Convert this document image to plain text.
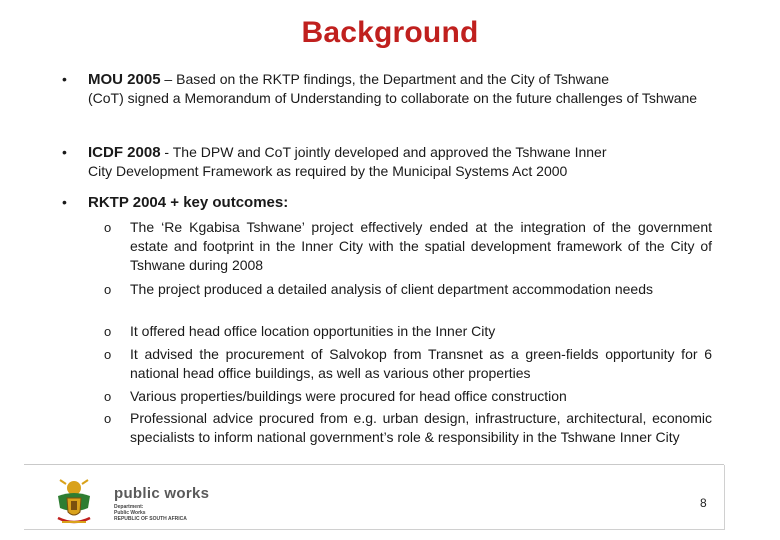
Background
• MOU 2005 – Based on the RKTP findings, the Department and the City of Tshwane
(CoT) signed a Memorandum of Understanding to collaborate on the future challenges of Tshwane
• ICDF 2008 - The DPW and CoT jointly developed and approved the Tshwane Inner
City Development Framework as required by the Municipal Systems Act 2000
• RKTP 2004 + key outcomes:
o The ‘Re Kgabisa Tshwane’ project effectively ended at the integration of the government estate and footprint in the Inner City with the spatial development framework of the City of Tshwane during 2008
o The project produced a detailed analysis of client department accommodation needs
o It offered head office location opportunities in the Inner City
o It advised the procurement of Salvokop from Transnet as a green-fields opportunity for 6 national head office buildings, as well as various other properties
o Various properties/buildings were procured for head office construction
o Professional advice procured from e.g. urban design, infrastructure, architectural, economic specialists to inform national government’s role & responsibility in the Tshwane Inner City
public works
Department:
Public Works
REPUBLIC OF SOUTH AFRICA
8
